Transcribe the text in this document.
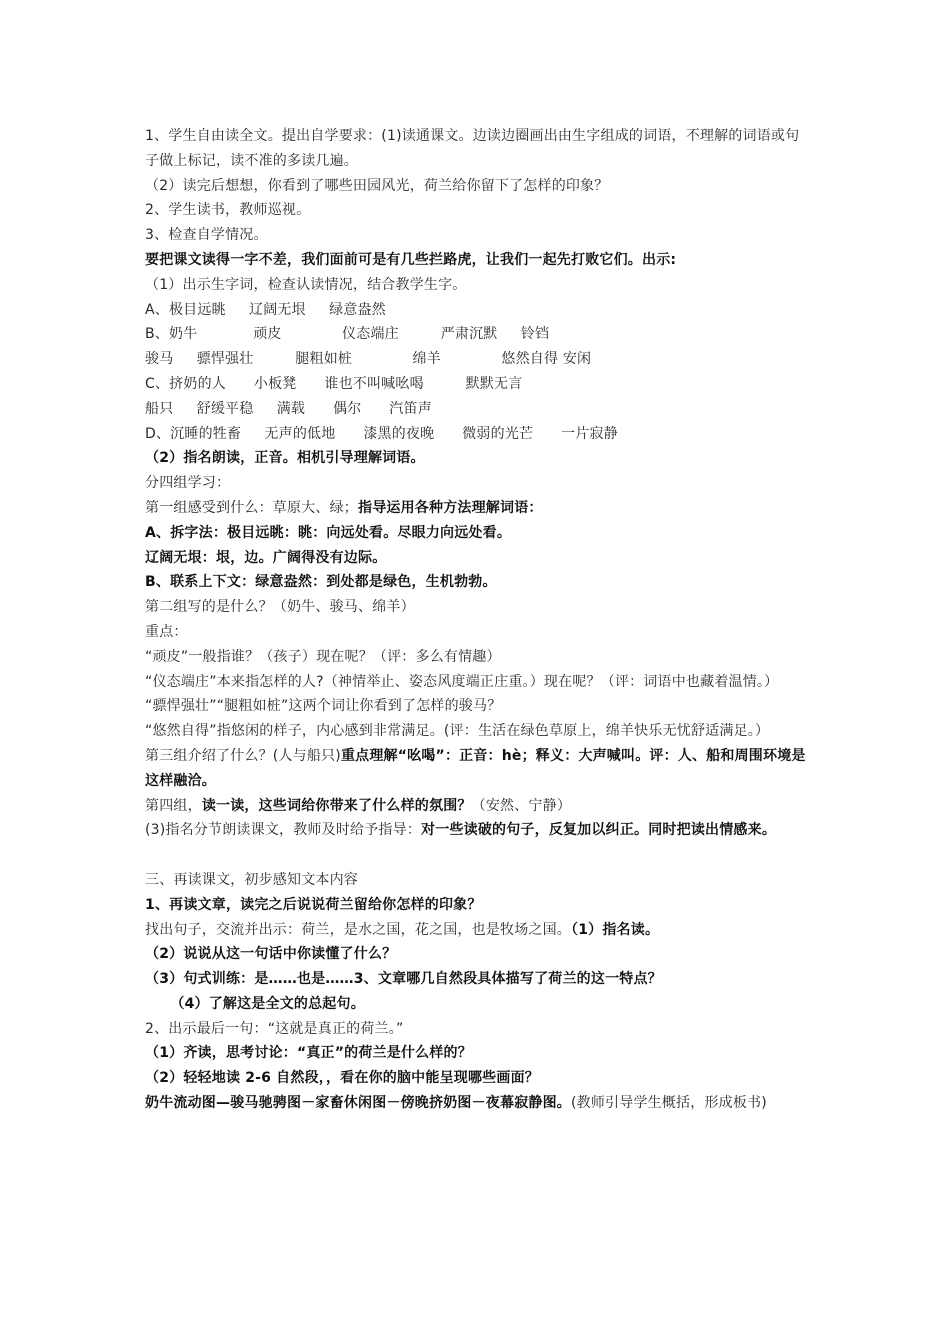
1、学生自由读全文。提出自学要求：(1)读通课文。边读边圈画出由生字组成的词语，不理解的词语或句子做上标记，读不准的多读几遍。
（2）读完后想想，你看到了哪些田园风光，荷兰给你留下了怎样的印象？
2、学生读书，教师巡视。
3、检查自学情况。
要把课文读得一字不差，我们面前可是有几些拦路虎，让我们一起先打败它们。出示:
（1）出示生字词，检查认读情况，结合教学生字。
A、极目远眺     辽阔无垠     绿意盎然
B、奶牛            顽皮             仪态端庄         严肃沉默     铃铛
骏马     骠悍强壮         腿粗如桩             绵羊             悠然自得 安闲
C、挤奶的人      小板凳      谁也不叫喊吆喝         默默无言
船只     舒缓平稳     满载      偶尔      汽笛声
D、沉睡的牲畜     无声的低地      漆黑的夜晚      微弱的光芒      一片寂静
（2）指名朗读，正音。相机引导理解词语。
分四组学习：
第一组感受到什么：草原大、绿；指导运用各种方法理解词语：
A、拆字法：极目远眺：眺：向远处看。尽眼力向远处看。
辽阔无垠：垠，边。广阔得没有边际。
B、联系上下文：绿意盎然：到处都是绿色，生机勃勃。
第二组写的是什么？（奶牛、骏马、绵羊）
重点：
“顽皮”一般指谁？（孩子）现在呢？（评：多么有情趣）
“仪态端庄”本来指怎样的人?（神情举止、姿态风度端正庄重。）现在呢？（评：词语中也藏着温情。）
“骠悍强壮”“腿粗如桩”这两个词让你看到了怎样的骏马？
“悠然自得”指悠闲的样子，内心感到非常满足。(评：生活在绿色草原上，绵羊快乐无忧舒适满足。）
第三组介绍了什么？(人与船只)重点理解“吆喝”：正音：hè；释义：大声喊叫。评：人、船和周围环境是这样融洽。
第四组，读一读，这些词给你带来了什么样的氛围？（安然、宁静）
(3)指名分节朗读课文，教师及时给予指导：对一些读破的句子，反复加以纠正。同时把读出情感来。
三、再读课文，初步感知文本内容
1、再读文章，读完之后说说荷兰留给你怎样的印象？
找出句子，交流并出示：荷兰，是水之国，花之国，也是牧场之国。（1）指名读。
（2）说说从这一句话中你读懂了什么？
（3）句式训练：是……也是……3、文章哪几自然段具体描写了荷兰的这一特点？
（4）了解这是全文的总起句。
2、出示最后一句：“这就是真正的荷兰。”
（1）齐读，思考讨论：“真正”的荷兰是什么样的？
（2）轻轻地读 2-6 自然段，，看在你的脑中能呈现哪些画面？
奶牛流动图—骏马驰骋图－家畜休闲图－傍晚挤奶图－夜幕寂静图。(教师引导学生概括，形成板书)
